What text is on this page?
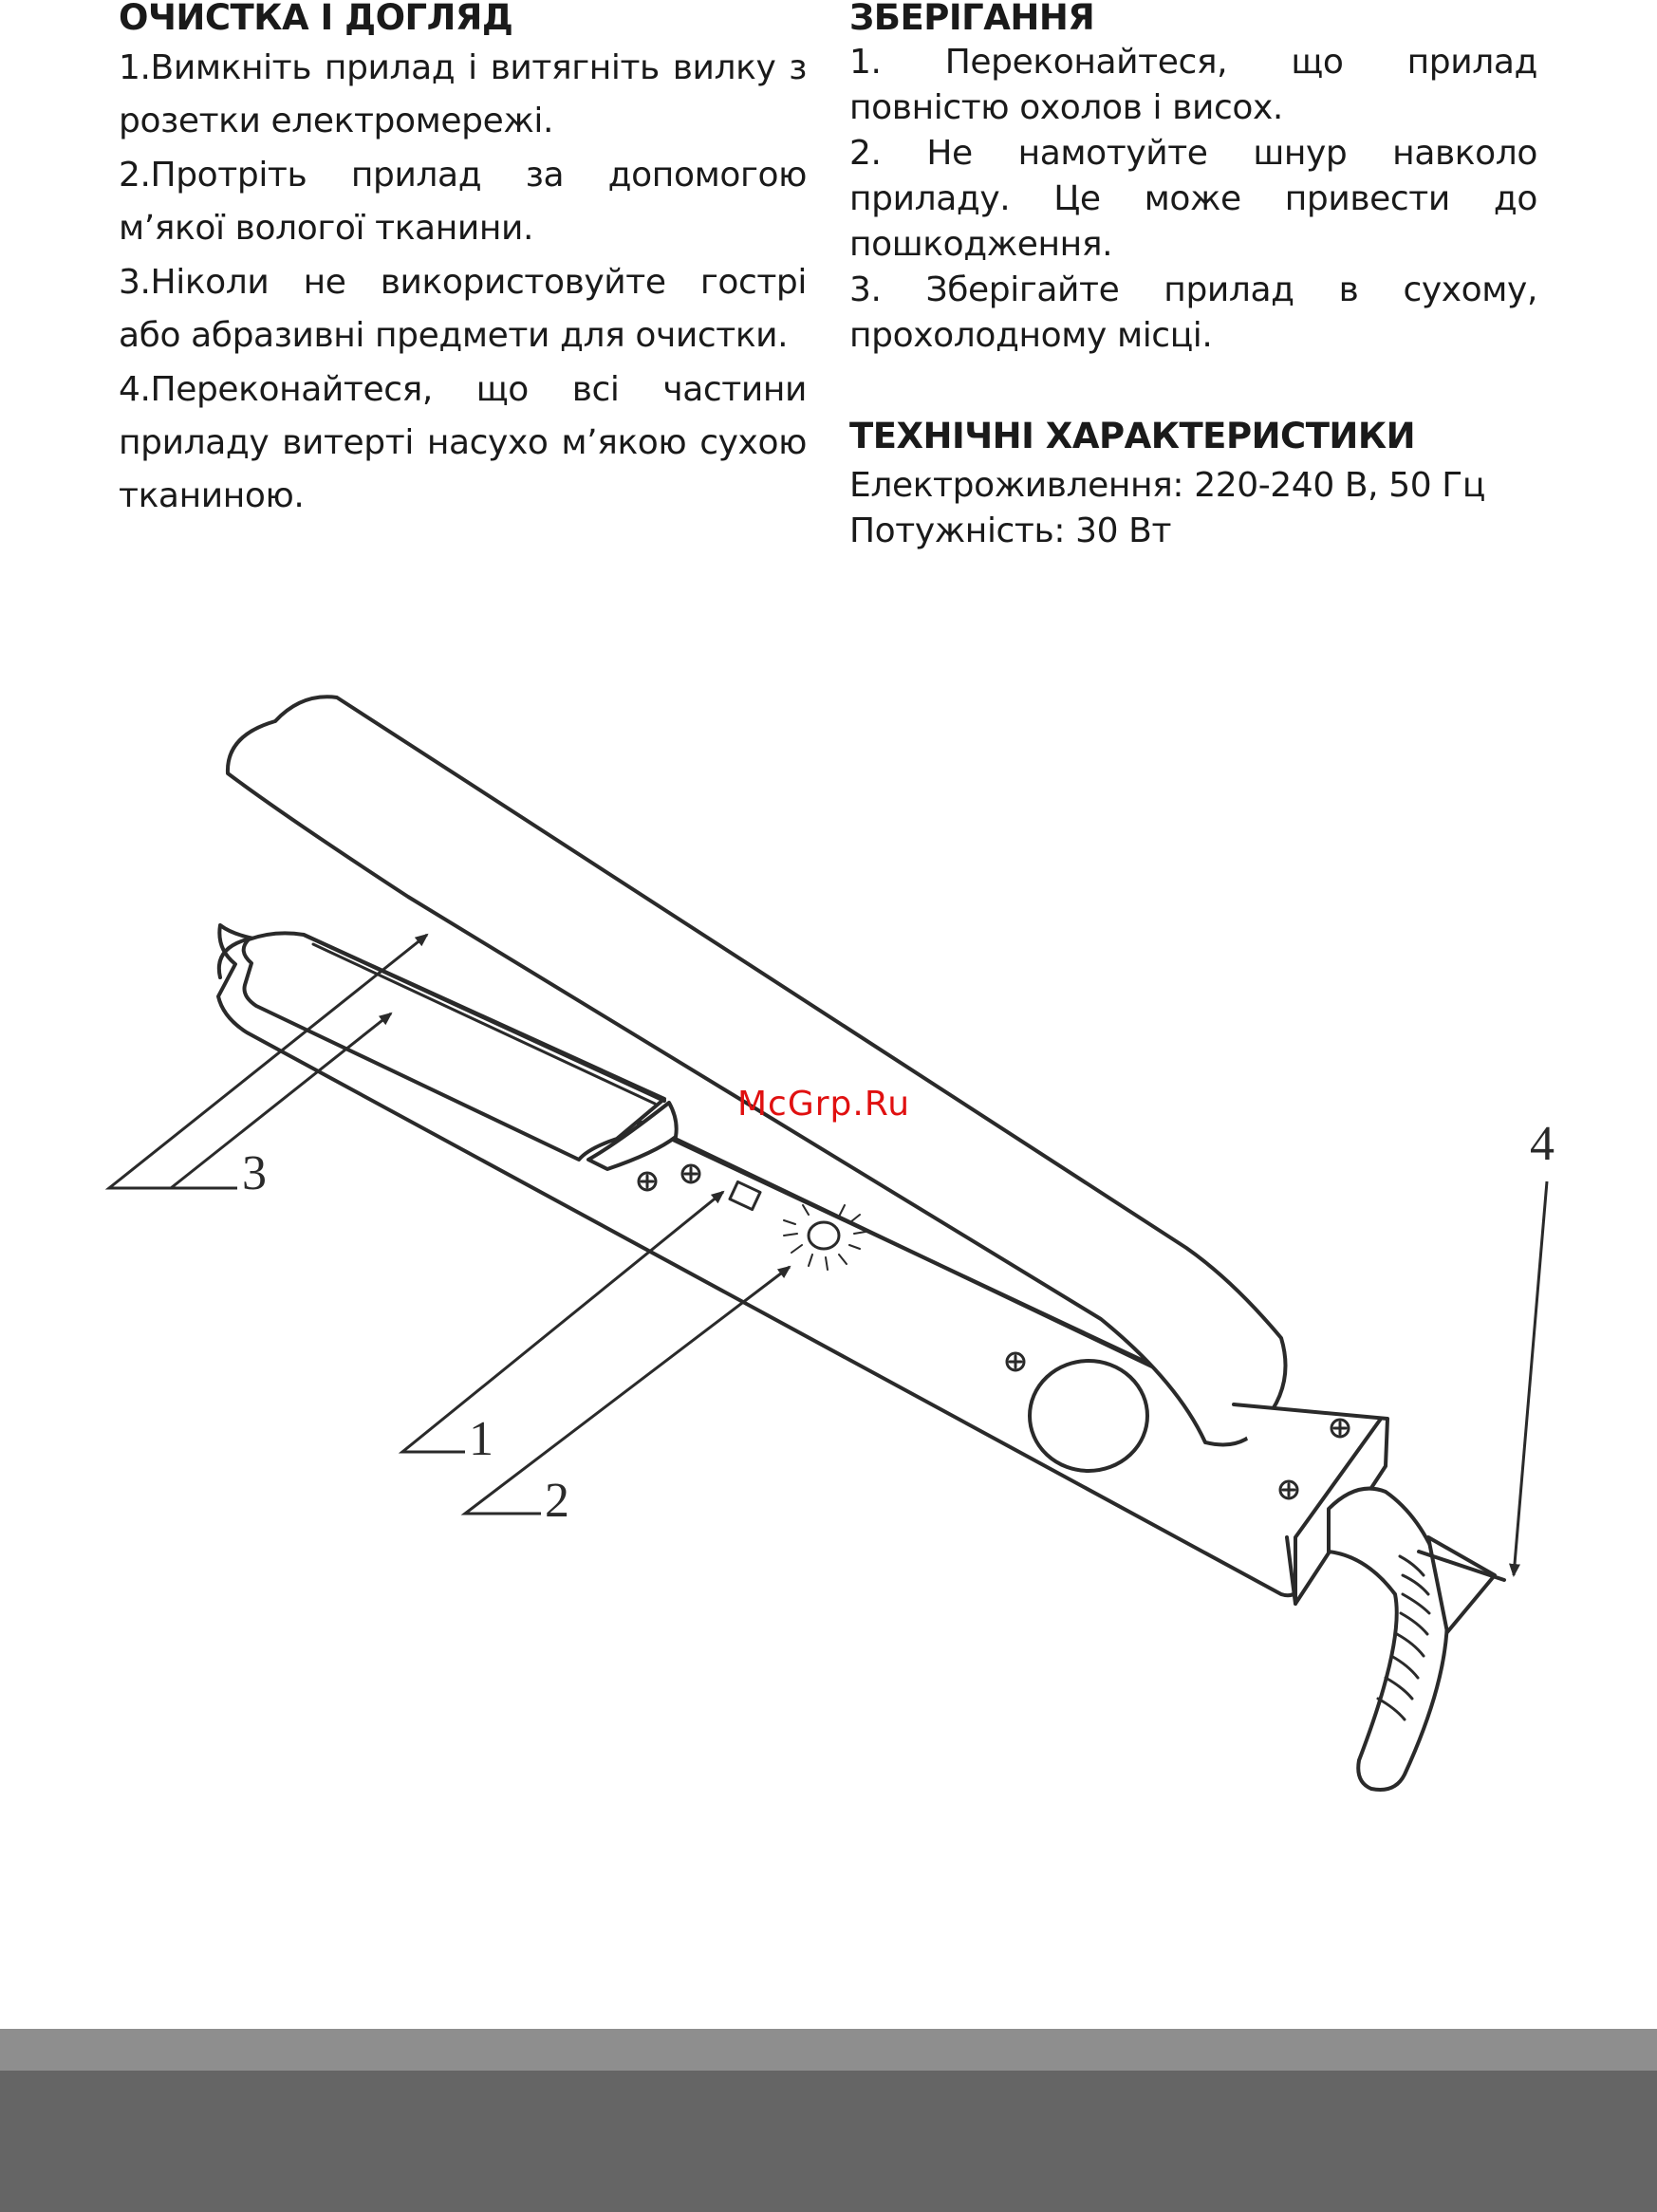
ОЧИСТКА І ДОГЛЯД

1.Вимкніть прилад і витягніть вилку з розетки електромережі.

2.Протріть прилад за допомогою м’якої вологої тканини.

3.Ніколи не використовуйте гострі або абразивні предмети для очистки.

4.Переконайтеся, що всі частини приладу витерті насухо м’якою сухою тканиною.

ЗБЕРІГАННЯ

1. Переконайтеся, що прилад повністю охолов і висох.

2. Не намотуйте шнур навколо приладу. Це може привести до пошкодження.

3. Зберігайте прилад в сухому, прохолодному місці.

ТЕХНІЧНІ ХАРАКТЕРИСТИКИ

Електроживлення: 220-240 В, 50 Гц

Потужність: 30 Вт

3
1
2
4
McGrp.Ru
